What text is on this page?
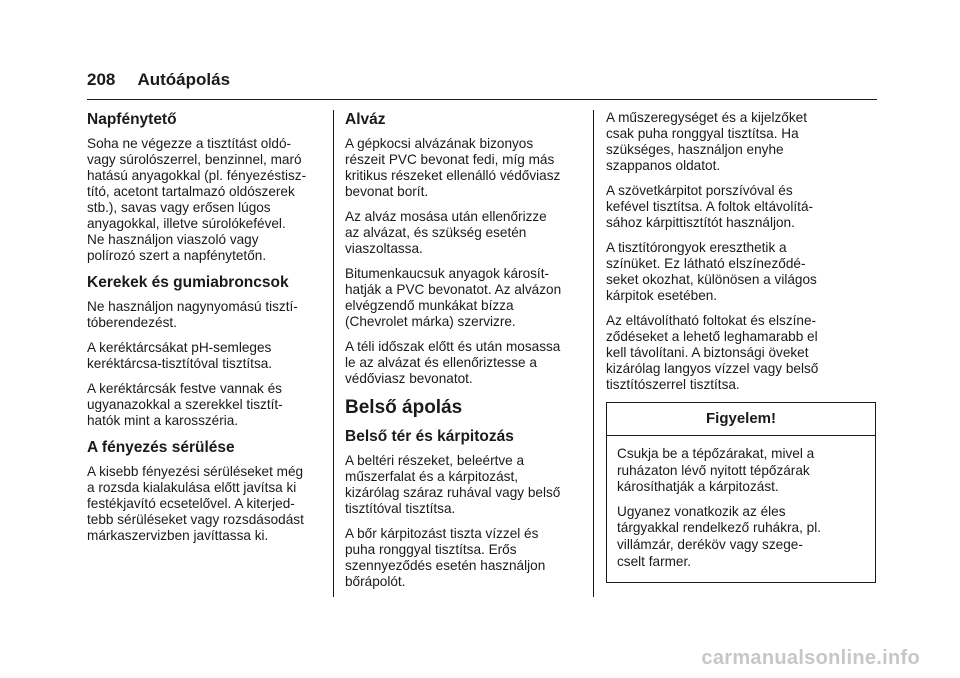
208 Autóápolás
Napfénytető

Soha ne végezze a tisztítást oldó-
vagy súrolószerrel, benzinnel, maró
hatású anyagokkal (pl. fényezéstisz-
tító, acetont tartalmazó oldószerek
stb.), savas vagy erősen lúgos
anyagokkal, illetve súrolókefével.
Ne használjon viaszoló vagy
polírozó szert a napfénytetőn.

Kerekek és gumiabroncsok

Ne használjon nagynyomású tisztí-
tóberendezést.

A keréktárcsákat pH-semleges
keréktárcsa-tisztítóval tisztítsa.

A keréktárcsák festve vannak és
ugyanazokkal a szerekkel tisztít-
hatók mint a karosszéria.

A fényezés sérülése

A kisebb fényezési sérüléseket még
a rozsda kialakulása előtt javítsa ki
festékjavító ecsetelővel. A kiterjed-
tebb sérüléseket vagy rozsdásodást
márkaszervizben javíttassa ki.

Alváz

A gépkocsi alvázának bizonyos
részeit PVC bevonat fedi, míg más
kritikus részeket ellenálló védőviasz
bevonat borít.

Az alváz mosása után ellenőrizze
az alvázat, és szükség esetén
viaszoltassa.

Bitumenkaucsuk anyagok károsít-
hatják a PVC bevonatot. Az alvázon
elvégzendő munkákat bízza
(Chevrolet márka) szervizre.

A téli időszak előtt és után mosassa
le az alvázat és ellenőriztesse a
védőviasz bevonatot.

Belső ápolás
Belső tér és kárpitozás

A beltéri részeket, beleértve a
műszerfalat és a kárpitozást,
kizárólag száraz ruhával vagy belső
tisztítóval tisztítsa.

A bőr kárpitozást tiszta vízzel és
puha ronggyal tisztítsa. Erős
szennyeződés esetén használjon
bőrápolót.

A műszeregységet és a kijelzőket
csak puha ronggyal tisztítsa. Ha
szükséges, használjon enyhe
szappanos oldatot.

A szövetkárpitot porszívóval és
kefével tisztítsa. A foltok eltávolítá-
sához kárpittisztítót használjon.

A tisztítórongyok ereszthetik a
színüket. Ez látható elszíneződé-
seket okozhat, különösen a világos
kárpitok esetében.

Az eltávolítható foltokat és elszíne-
ződéseket a lehető leghamarabb el
kell távolítani. A biztonsági öveket
kizárólag langyos vízzel vagy belső
tisztítószerrel tisztítsa.

Figyelem!

Csukja be a tépőzárakat, mivel a
ruházaton lévő nyitott tépőzárak
károsíthatják a kárpitozást.

Ugyanez vonatkozik az éles
tárgyakkal rendelkező ruhákra, pl.
villámzár, deréköv vagy szege-
cselt farmer.

carmanualsonline.info
